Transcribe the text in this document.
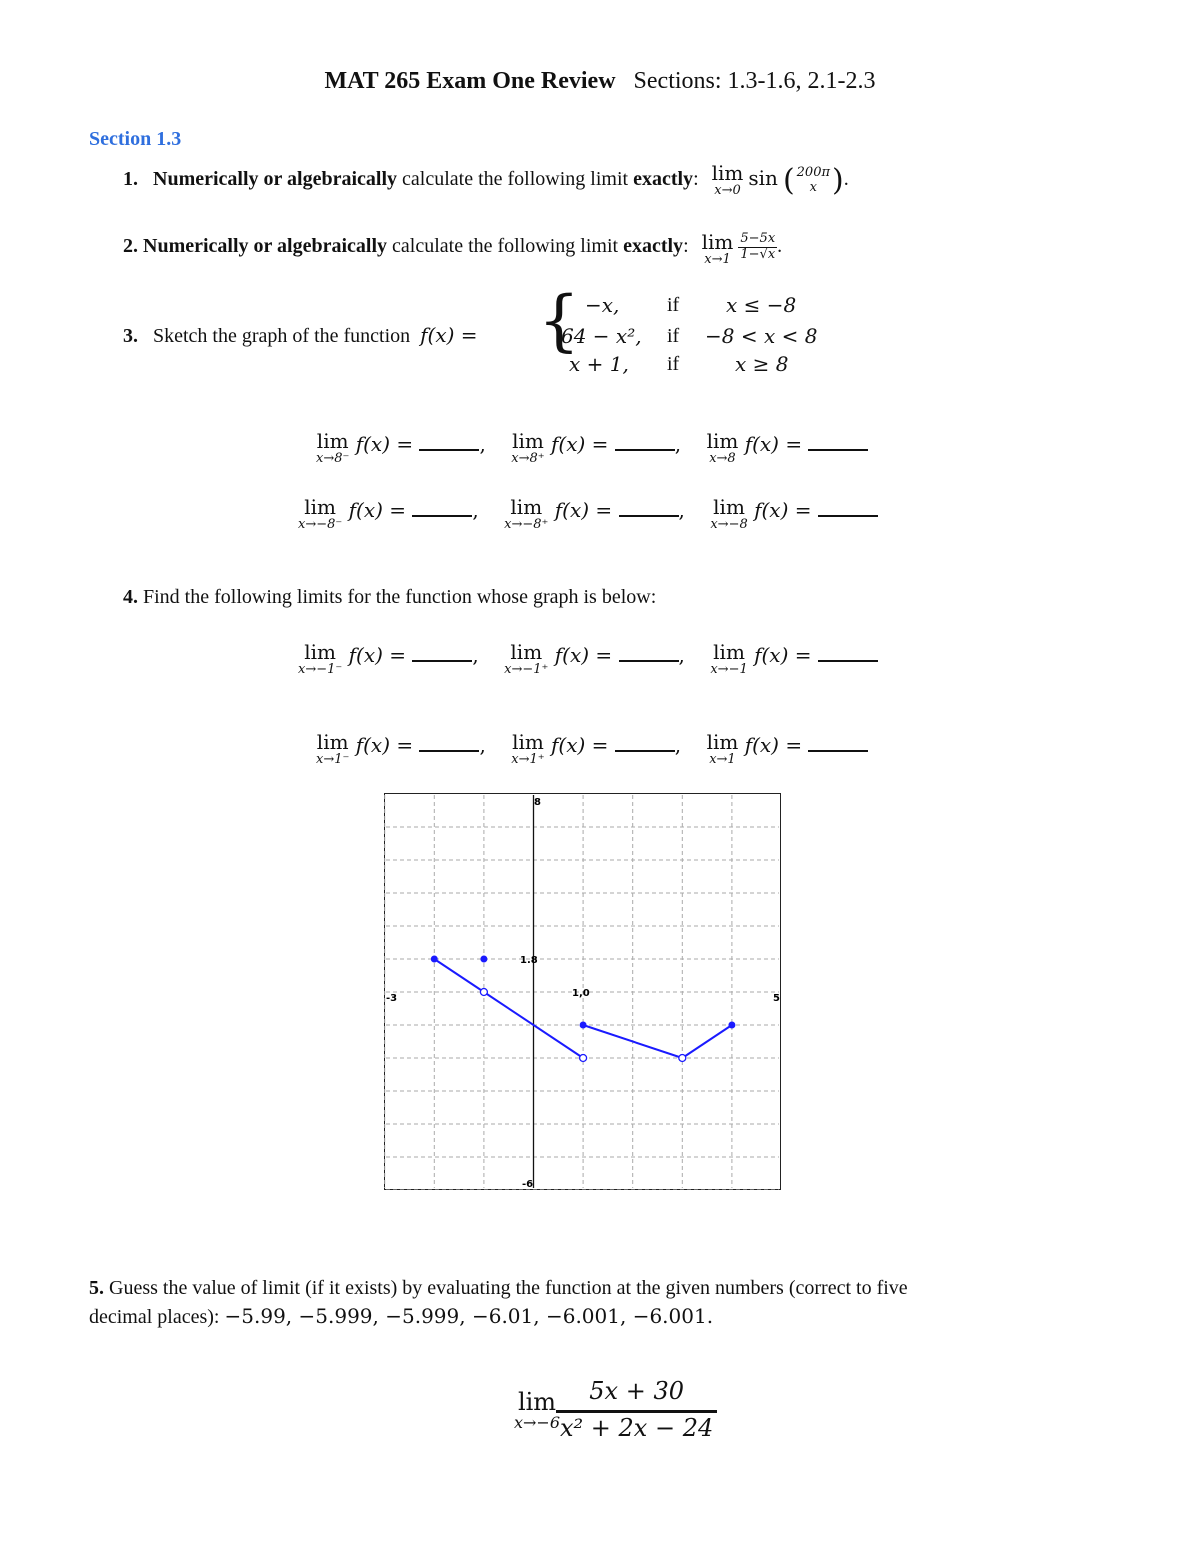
MAT 265 Exam One Review Sections: 1.3-1.6, 2.1-2.3
Section 1.3
1. Numerically or algebraically calculate the following limit exactly: lim
x→0
sin ( 200π
x ).
2. Numerically or algebraically calculate the following limit exactly: lim
x→1
$\frac{5-5x}{1-√x}$ .
3. Sketch the graph of the function f(x) = { −x, if x ≤ −8
64 − x², if −8 < x < 8
x + 1, if	x ≥ 8
lim
x→8⁻
f(x) =	, lim
x→8⁺
f(x) =	, lim
x→8
f(x) =
lim
x→−8⁻
f(x) =	,	lim
x→−8⁺
f(x) =	, lim
x→−8
f(x) =
4. Find the following limits for the function whose graph is below:
lim
x→−1⁻
f(x) =	,	lim
x→−1⁺
f(x) =	, lim
x→−1
f(x) =
lim
x→1⁻
f(x) =	, lim
x→1⁺
f(x) =	, lim
x→1
f(x) =
8
-6
-3	5
1.8
1,0
5. Guess the value of limit (if it exists) by evaluating the function at the given numbers (correct to five
decimal places): −5.99, −5.999, −5.999, −6.01, −6.001, −6.001.
lim
x→−6
$\frac{5x + 30}{\text{x² + 2x − 24}}$
